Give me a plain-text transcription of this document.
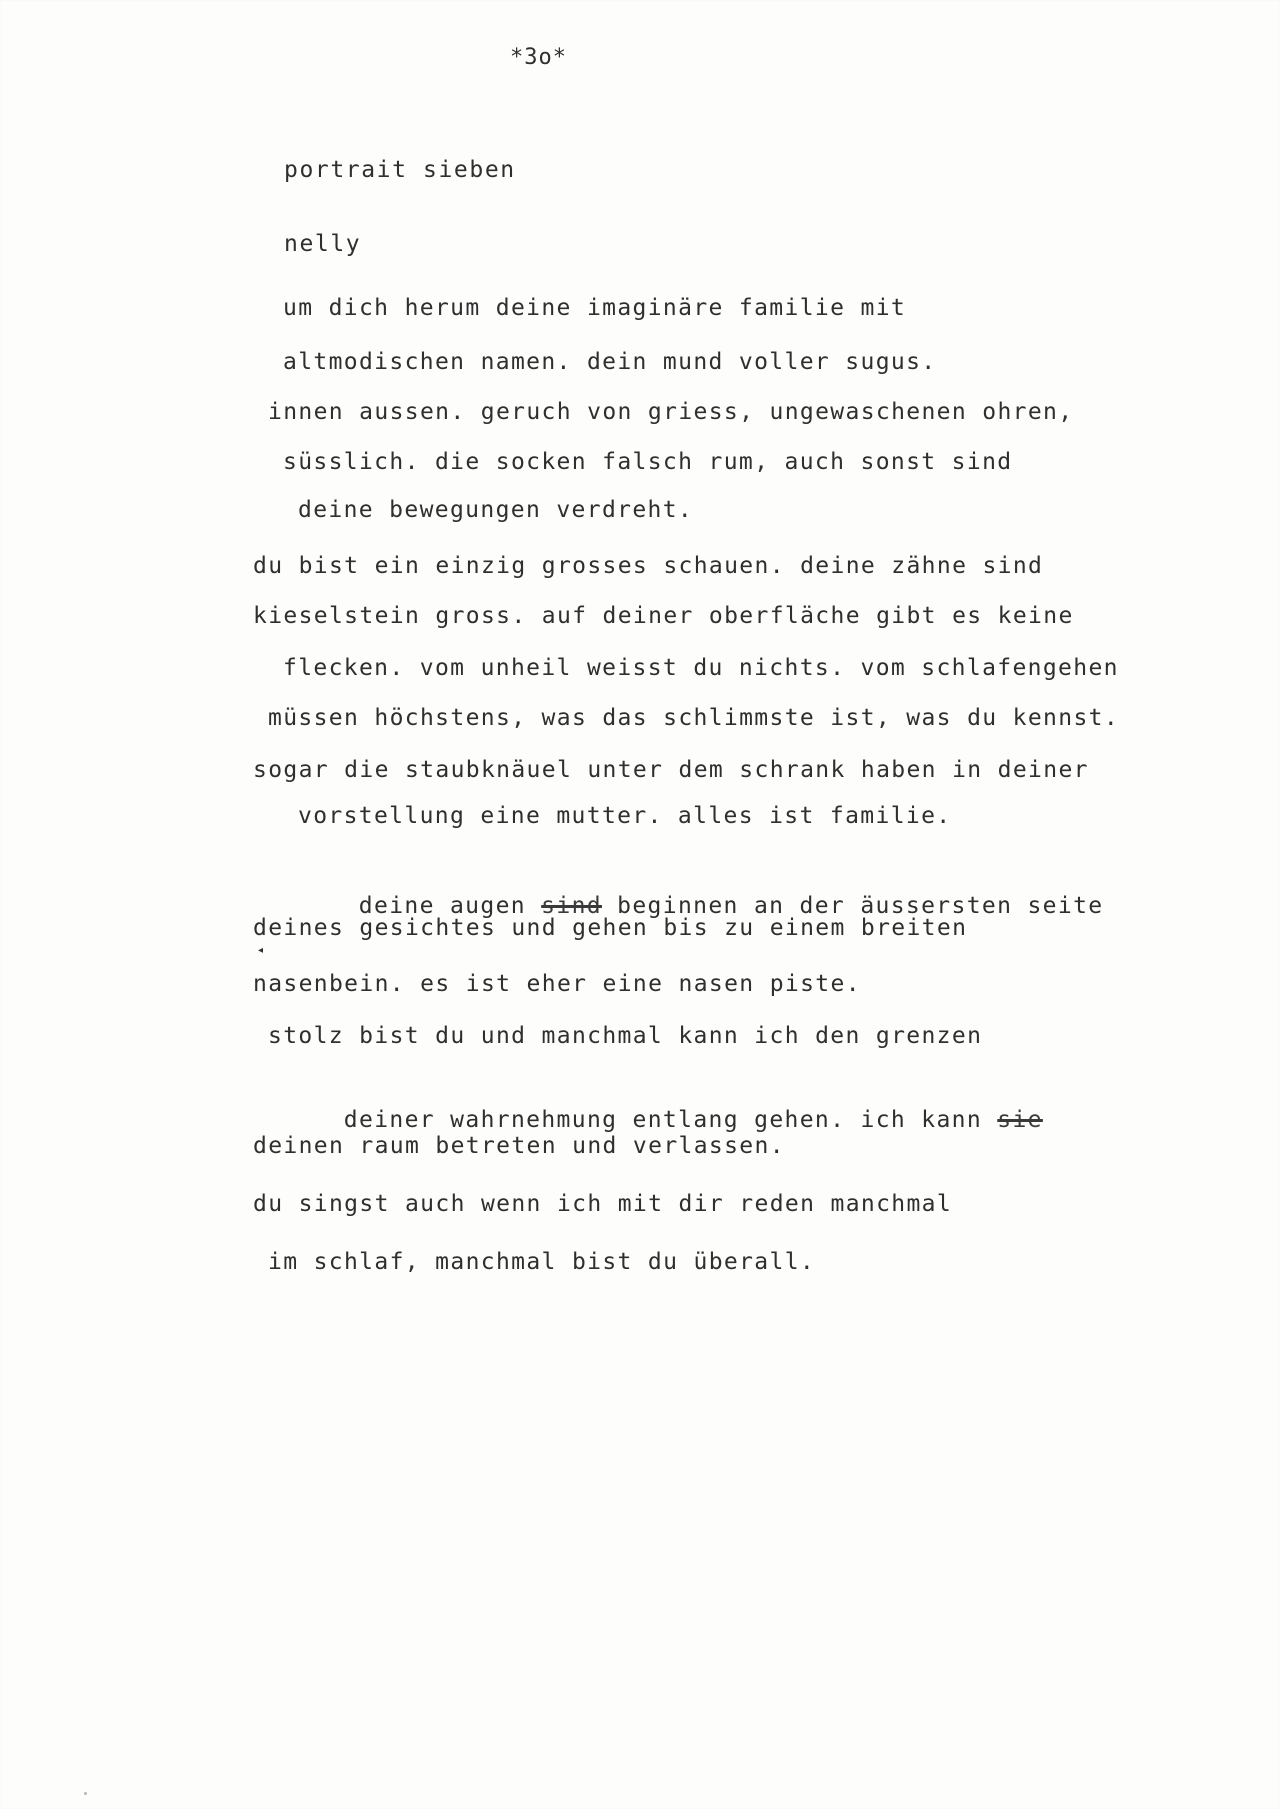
*3o*
portrait sieben
nelly
um dich herum deine imaginäre familie mit
altmodischen namen. dein mund voller sugus.
innen aussen. geruch von griess, ungewaschenen ohren,
süsslich. die socken falsch rum, auch sonst sind
deine bewegungen verdreht.
du bist ein einzig grosses schauen. deine zähne sind
kieselstein gross. auf deiner oberfläche gibt es keine
flecken. vom unheil weisst du nichts. vom schlafengehen
müssen höchstens, was das schlimmste ist, was du kennst.
sogar die staubknäuel unter dem schrank haben in deiner
vorstellung eine mutter. alles ist familie.

deine augen sind beginnen an der äussersten seite

deines gesichtes und gehen bis zu einem breiten
◂
nasenbein. es ist eher eine nasen piste.
stolz bist du und manchmal kann ich den grenzen

deiner wahrnehmung entlang gehen. ich kann sie

deinen raum betreten und verlassen.
du singst auch wenn ich mit dir reden manchmal
im schlaf, manchmal bist du überall.
